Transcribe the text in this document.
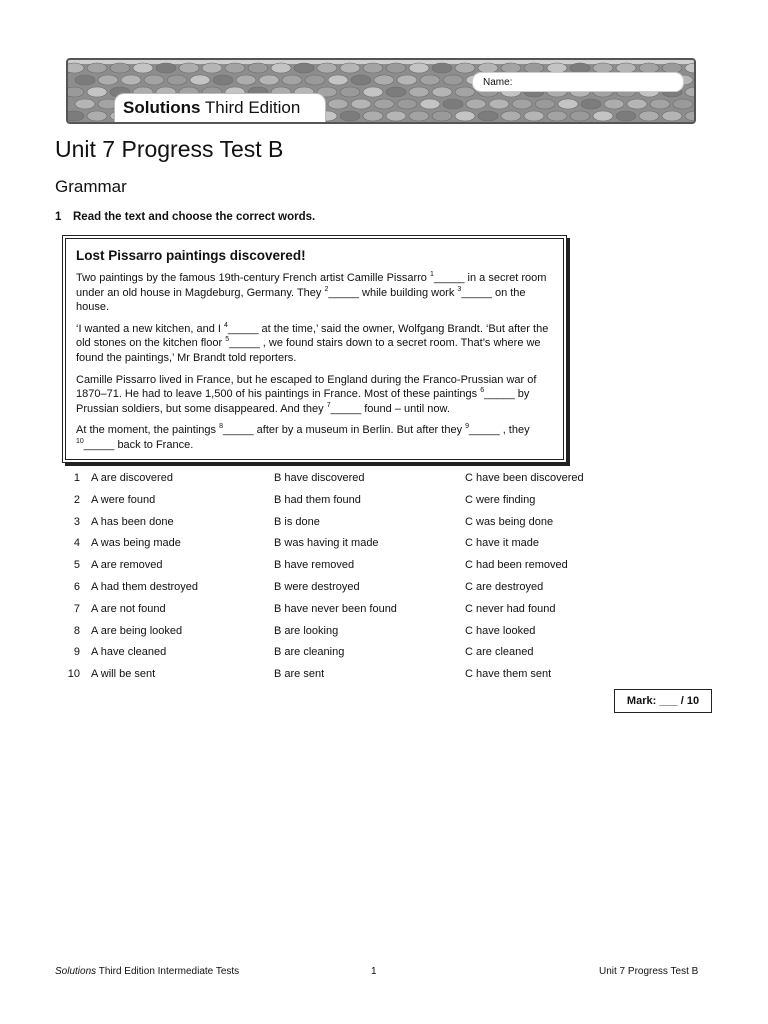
Name:
Solutions Third Edition
Unit 7 Progress Test B
Grammar
1 Read the text and choose the correct words.
Lost Pissarro paintings discovered!

Two paintings by the famous 19th-century French artist Camille Pissarro $^1$_____ in a secret room under an old house in Magdeburg, Germany. They $^2$_____ while building work $^3$_____ on the house.

‘I wanted a new kitchen, and I $^4$_____ at the time,’ said the owner, Wolfgang Brandt. ‘But after the old stones on the kitchen floor $^5$_____ , we found stairs down to a secret room. That’s where we found the paintings,’ Mr Brandt told reporters.

Camille Pissarro lived in France, but he escaped to England during the Franco-Prussian war of 1870–71. He had to leave 1,500 of his paintings in France. Most of these paintings $^6$_____ by Prussian soldiers, but some disappeared. And they $^7$_____ found – until now.

At the moment, the paintings $^8$_____ after by a museum in Berlin. But after they $^9$_____ , they $^{10}$_____ back to France.

1 A are discovered	B have discovered	C have been discovered
2 A were found	B had them found	C were finding
3 A has been done	B is done	C was being done
4 A was being made	B was having it made	C have it made
5 A are removed	B have removed	C had been removed
6 A had them destroyed	B were destroyed	C are destroyed
7 A are not found	B have never been found	C never had found
8 A are being looked	B are looking	C have looked
9 A have cleaned	B are cleaning	C are cleaned
10 A will be sent	B are sent	C have them sent
Mark: ___ / 10
Solutions Third Edition Intermediate Tests	1	Unit 7 Progress Test B
